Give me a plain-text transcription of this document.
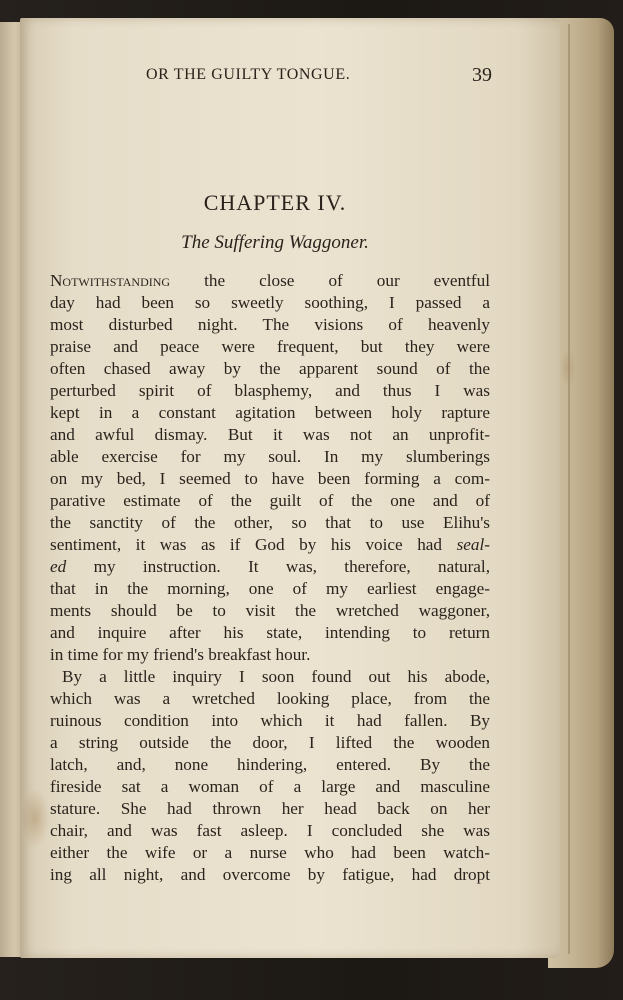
OR THE GUILTY TONGUE.	39
CHAPTER IV.
The Suffering Waggoner.
Notwithstanding the close of our eventful
day had been so sweetly soothing, I passed a
most disturbed night. The visions of heavenly
praise and peace were frequent, but they were
often chased away by the apparent sound of the
perturbed spirit of blasphemy, and thus I was
kept in a constant agitation between holy rapture
and awful dismay. But it was not an unprofit-
able exercise for my soul. In my slumberings
on my bed, I seemed to have been forming a com-
parative estimate of the guilt of the one and of
the sanctity of the other, so that to use Elihu's
sentiment, it was as if God by his voice had seal-
ed my instruction. It was, therefore, natural,
that in the morning, one of my earliest engage-
ments should be to visit the wretched waggoner,
and inquire after his state, intending to return
in time for my friend's breakfast hour.
By a little inquiry I soon found out his abode,
which was a wretched looking place, from the
ruinous condition into which it had fallen. By
a string outside the door, I lifted the wooden
latch, and, none hindering, entered. By the
fireside sat a woman of a large and masculine
stature. She had thrown her head back on her
chair, and was fast asleep. I concluded she was
either the wife or a nurse who had been watch-
ing all night, and overcome by fatigue, had dropt
